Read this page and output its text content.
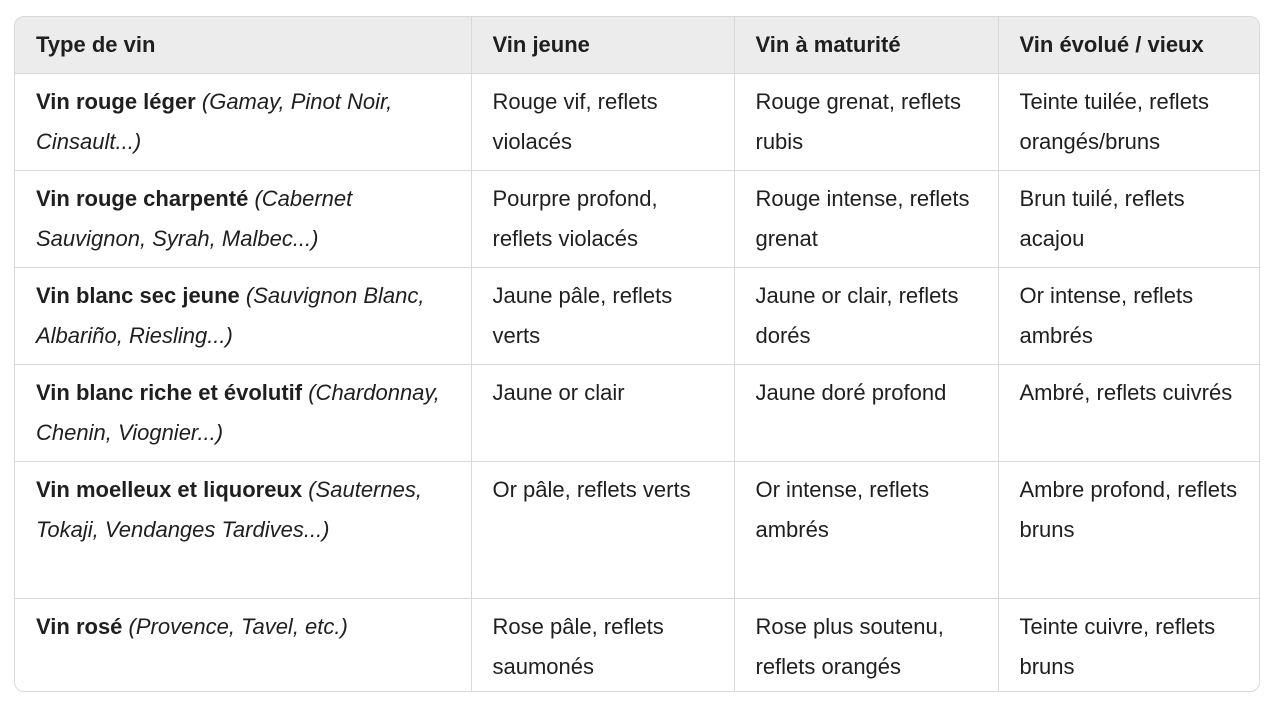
Type de vin	Vin jeune	Vin à maturité	Vin évolué / vieux
Vin rouge léger (Gamay, Pinot Noir, Cinsault...)	Rouge vif, reflets violacés	Rouge grenat, reflets rubis	Teinte tuilée, reflets orangés/bruns
Vin rouge charpenté (Cabernet Sauvignon, Syrah, Malbec...)	Pourpre profond, reflets violacés	Rouge intense, reflets grenat	Brun tuilé, reflets acajou
Vin blanc sec jeune (Sauvignon Blanc, Albariño, Riesling...)	Jaune pâle, reflets verts	Jaune or clair, reflets dorés	Or intense, reflets ambrés
Vin blanc riche et évolutif (Chardonnay, Chenin, Viognier...)	Jaune or clair	Jaune doré profond	Ambré, reflets cuivrés
Vin moelleux et liquoreux (Sauternes, Tokaji, Vendanges Tardives...)	Or pâle, reflets verts	Or intense, reflets ambrés	Ambre profond, reflets bruns
Vin rosé (Provence, Tavel, etc.)	Rose pâle, reflets saumonés	Rose plus soutenu, reflets orangés	Teinte cuivre, reflets bruns
